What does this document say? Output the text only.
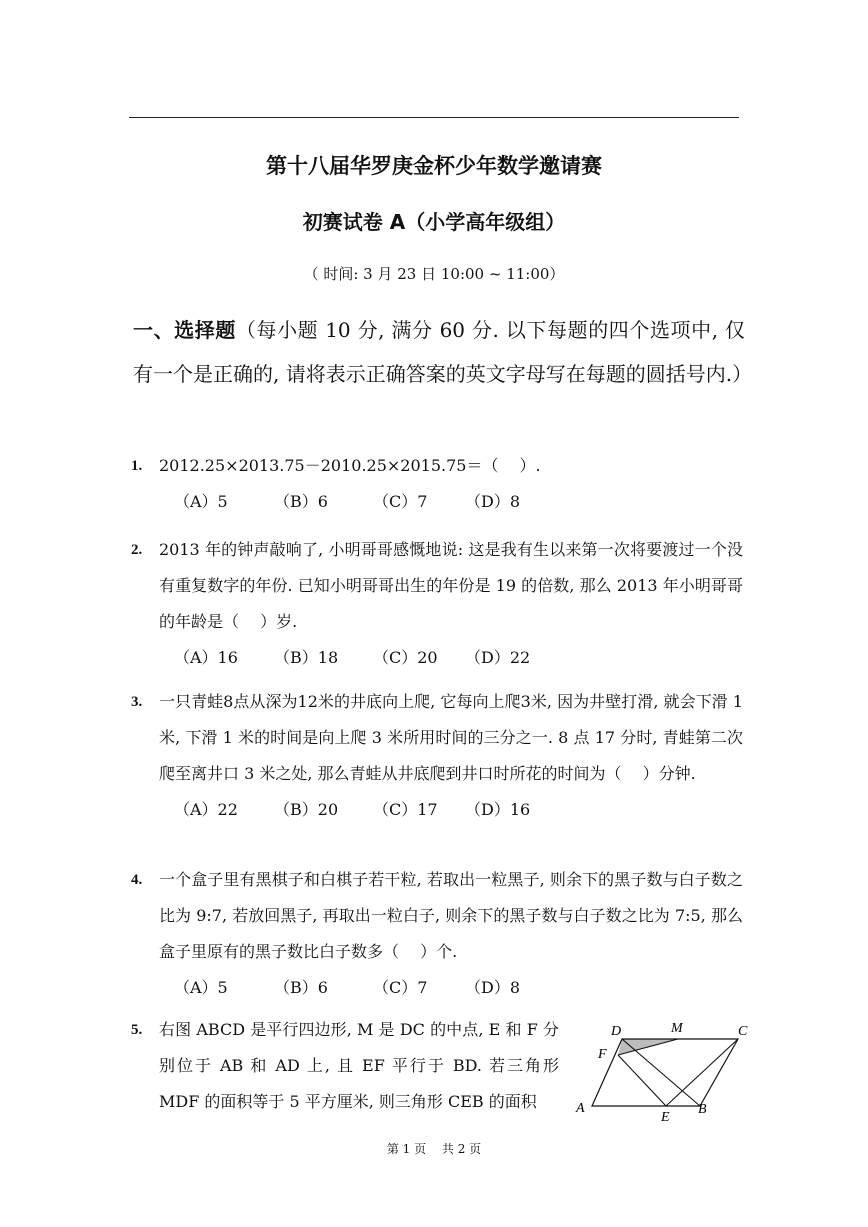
第十八届华罗庚金杯少年数学邀请赛
初赛试卷 A（小学高年级组）
（ 时间: 3 月 23 日 10:00 ~ 11:00）
一、选择题（每小题 10 分, 满分 60 分. 以下每题的四个选项中, 仅有一个是正确的, 请将表示正确答案的英文字母写在每题的圆括号内.）
1. 2012.25×2013.75－2010.25×2015.75＝（　 ）.
（A）5	（B）6	（C）7 （D）8
2. 2013 年的钟声敲响了, 小明哥哥感慨地说: 这是我有生以来第一次将要渡过一个没有重复数字的年份. 已知小明哥哥出生的年份是 19 的倍数, 那么 2013 年小明哥哥的年龄是（　 ）岁.
（A）16 （B）18 （C）20 （D）22
3. 一只青蛙8点从深为12米的井底向上爬, 它每向上爬3米, 因为井壁打滑, 就会下滑 1 米, 下滑 1 米的时间是向上爬 3 米所用时间的三分之一. 8 点 17 分时, 青蛙第二次爬至离井口 3 米之处, 那么青蛙从井底爬到井口时所花的时间为（　 ）分钟.
（A）22 （B）20 （C）17 （D）16
4. 一个盒子里有黑棋子和白棋子若干粒, 若取出一粒黑子, 则余下的黑子数与白子数之比为 9:7, 若放回黑子, 再取出一粒白子, 则余下的黑子数与白子数之比为 7:5, 那么盒子里原有的黑子数比白子数多（　 ）个.
（A）5	（B）6	（C）7 （D）8
5. 右图 ABCD 是平行四边形, M 是 DC 的中点, E 和 F 分别位于 AB 和 AD 上, 且 EF 平行于 BD. 若三角形 MDF 的面积等于 5 平方厘米, 则三角形 CEB 的面积
D	M	C
F
A
E
B
第 1 页　 共 2 页
